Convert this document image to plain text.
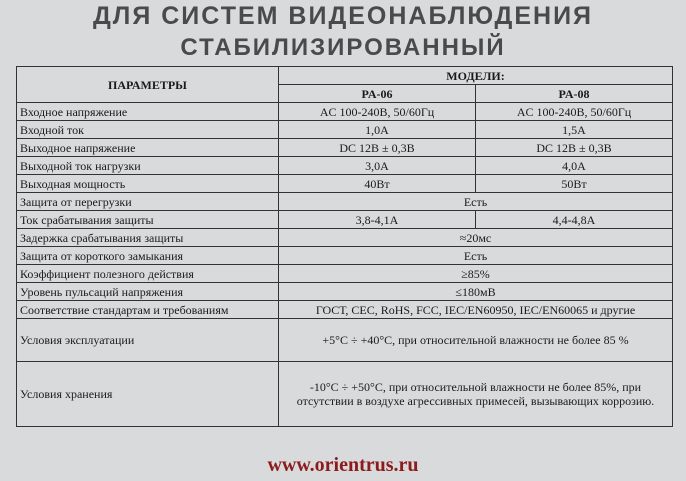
ДЛЯ СИСТЕМ ВИДЕОНАБЛЮДЕНИЯ
СТАБИЛИЗИРОВАННЫЙ
ПАРАМЕТРЫ	МОДЕЛИ:	
	PA-06	PA-08
Входное напряжение	AC 100-240B, 50/60Гц	AC 100-240B, 50/60Гц
Входной ток	1,0A	1,5A
Выходное напряжение	DC 12B ± 0,3B	DC 12B ± 0,3B
Выходной ток нагрузки	3,0A	4,0A
Выходная мощность	40Вт	50Вт
Защита от перегрузки	Есть	
Ток срабатывания защиты	3,8-4,1A	4,4-4,8A
Задержка срабатывания защиты	≈20мс	
Защита от короткого замыкания	Есть	
Коэффициент полезного действия	≥85%	
Уровень пульсаций напряжения	≤180мВ	
Соответствие стандартам и требованиям	ГОСТ, CEC, RoHS, FCC, IEC/EN60950, IEC/EN60065 и другие	
Условия эксплуатации	+5°C ÷ +40°C, при относительной влажности не более 85 %	
Условия хранения	-10°C ÷ +50°C, при относительной влажности не более 85%, при отсутствии в воздухе агрессивных примесей, вызывающих коррозию.	
www.orientrus.ru
